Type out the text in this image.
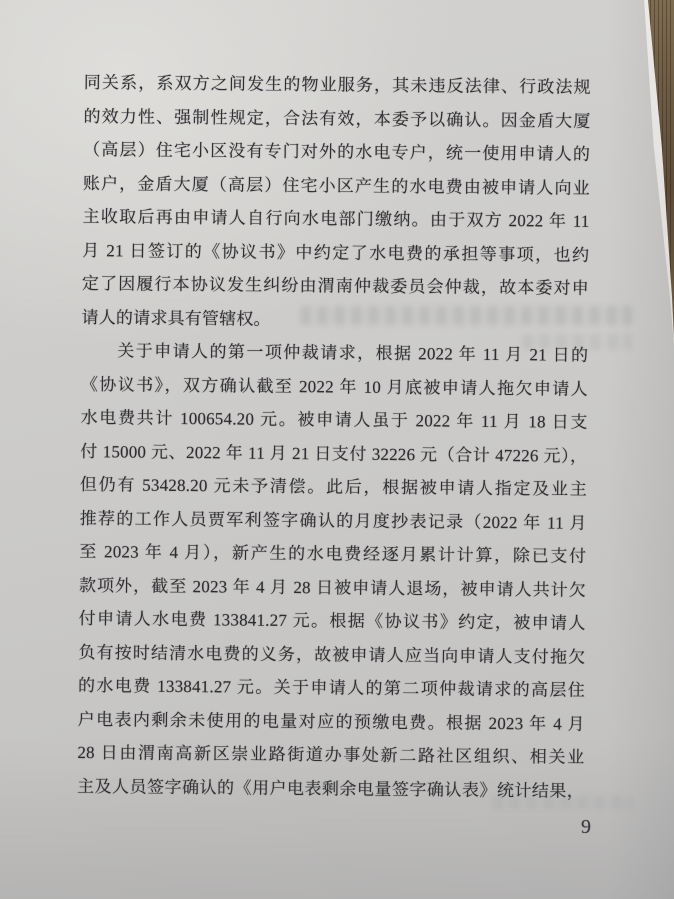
同关系，系双方之间发生的物业服务，其未违反法律、行政法规
的效力性、强制性规定，合法有效，本委予以确认。因金盾大厦
（高层）住宅小区没有专门对外的水电专户，统一使用申请人的
账户，金盾大厦（高层）住宅小区产生的水电费由被申请人向业
主收取后再由申请人自行向水电部门缴纳。由于双方 2022 年 11
月 21 日签订的《协议书》中约定了水电费的承担等事项，也约
定了因履行本协议发生纠纷由渭南仲裁委员会仲裁，故本委对申
请人的请求具有管辖权。
关于申请人的第一项仲裁请求，根据 2022 年 11 月 21 日的
《协议书》，双方确认截至 2022 年 10 月底被申请人拖欠申请人
水电费共计 100654.20 元。被申请人虽于 2022 年 11 月 18 日支
付 15000 元、2022 年 11 月 21 日支付 32226 元（合计 47226 元），
但仍有 53428.20 元未予清偿。此后，根据被申请人指定及业主
推荐的工作人员贾军利签字确认的月度抄表记录（2022 年 11 月
至 2023 年 4 月），新产生的水电费经逐月累计计算，除已支付
款项外，截至 2023 年 4 月 28 日被申请人退场，被申请人共计欠
付申请人水电费 133841.27 元。根据《协议书》约定，被申请人
负有按时结清水电费的义务，故被申请人应当向申请人支付拖欠
的水电费 133841.27 元。关于申请人的第二项仲裁请求的高层住
户电表内剩余未使用的电量对应的预缴电费。根据 2023 年 4 月
28 日由渭南高新区崇业路街道办事处新二路社区组织、相关业
主及人员签字确认的《用户电表剩余电量签字确认表》统计结果，
9
